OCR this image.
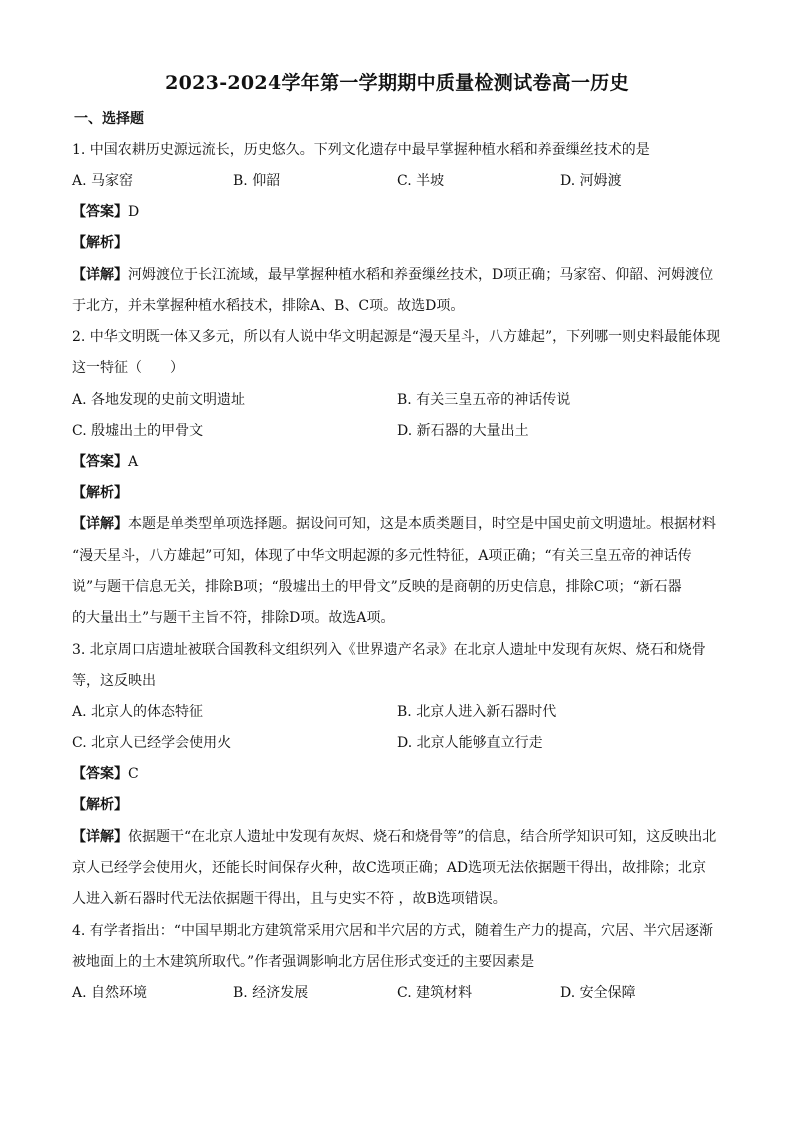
2023-2024学年第一学期期中质量检测试卷高一历史
一、选择题
1. 中国农耕历史源远流长，历史悠久。下列文化遗存中最早掌握种植水稻和养蚕缫丝技术的是
A. 马家窑	B. 仰韶	C. 半坡	D. 河姆渡
【答案】D
【解析】
【详解】河姆渡位于长江流域，最早掌握种植水稻和养蚕缫丝技术，D项正确；马家窑、仰韶、河姆渡位
于北方，并未掌握种植水稻技术，排除A、B、C项。故选D项。
2. 中华文明既一体又多元，所以有人说中华文明起源是“漫天星斗，八方雄起”，下列哪一则史料最能体现
这一特征（　　）
A. 各地发现的史前文明遗址	B. 有关三皇五帝的神话传说
C. 殷墟出土的甲骨文	D. 新石器的大量出土
【答案】A
【解析】
【详解】本题是单类型单项选择题。据设问可知，这是本质类题目，时空是中国史前文明遗址。根据材料
“漫天星斗，八方雄起”可知，体现了中华文明起源的多元性特征，A项正确；“有关三皇五帝的神话传
说”与题干信息无关，排除B项；“殷墟出土的甲骨文”反映的是商朝的历史信息，排除C项；“新石器
的大量出土”与题干主旨不符，排除D项。故选A项。
3. 北京周口店遗址被联合国教科文组织列入《世界遗产名录》在北京人遗址中发现有灰烬、烧石和烧骨
等，这反映出
A. 北京人的体态特征	B. 北京人进入新石器时代
C. 北京人已经学会使用火	D. 北京人能够直立行走
【答案】C
【解析】
【详解】依据题干“在北京人遗址中发现有灰烬、烧石和烧骨等”的信息，结合所学知识可知，这反映出北
京人已经学会使用火，还能长时间保存火种，故C选项正确；AD选项无法依据题干得出，故排除；北京
人进入新石器时代无法依据题干得出，且与史实不符 ，故B选项错误。
4. 有学者指出：“中国早期北方建筑常采用穴居和半穴居的方式，随着生产力的提高，穴居、半穴居逐渐
被地面上的土木建筑所取代。”作者强调影响北方居住形式变迁的主要因素是
A. 自然环境	B. 经济发展	C. 建筑材料	D. 安全保障
